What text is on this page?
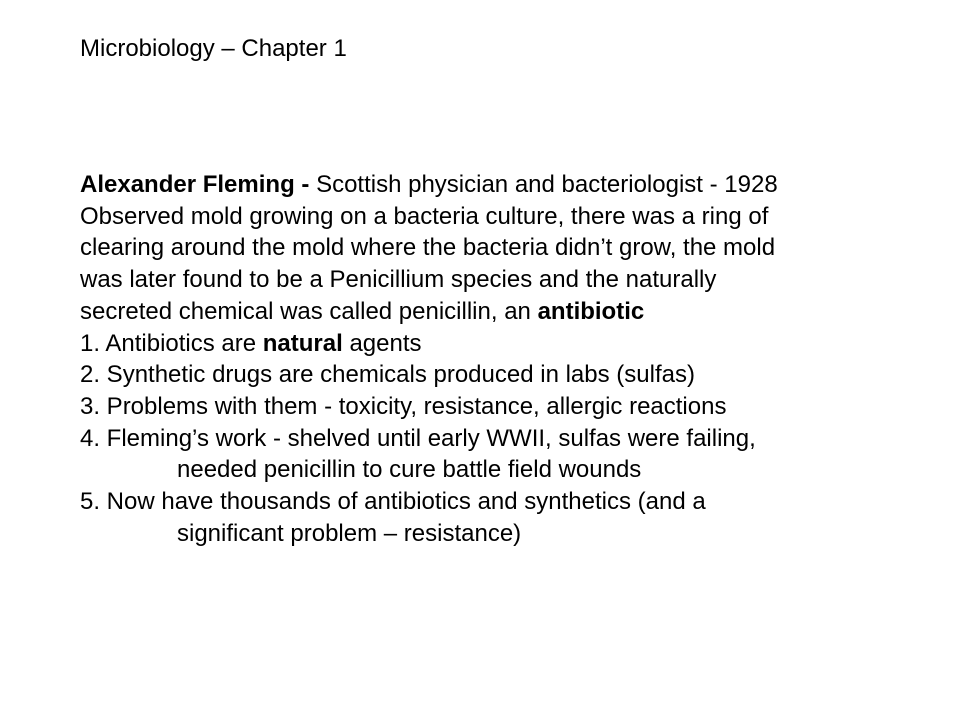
Microbiology – Chapter 1
Alexander Fleming - Scottish physician and bacteriologist - 1928
Observed mold growing on a bacteria culture, there was a ring of
clearing around the mold where the bacteria didn’t grow, the mold
was later found to be a Penicillium species and the naturally
secreted chemical was called penicillin, an antibiotic
1. Antibiotics are natural agents
2. Synthetic drugs are chemicals produced in labs (sulfas)
3. Problems with them - toxicity, resistance, allergic reactions
4. Fleming’s work - shelved until early WWII, sulfas were failing,
needed penicillin to cure battle field wounds
5. Now have thousands of antibiotics and synthetics (and a
significant problem – resistance)
